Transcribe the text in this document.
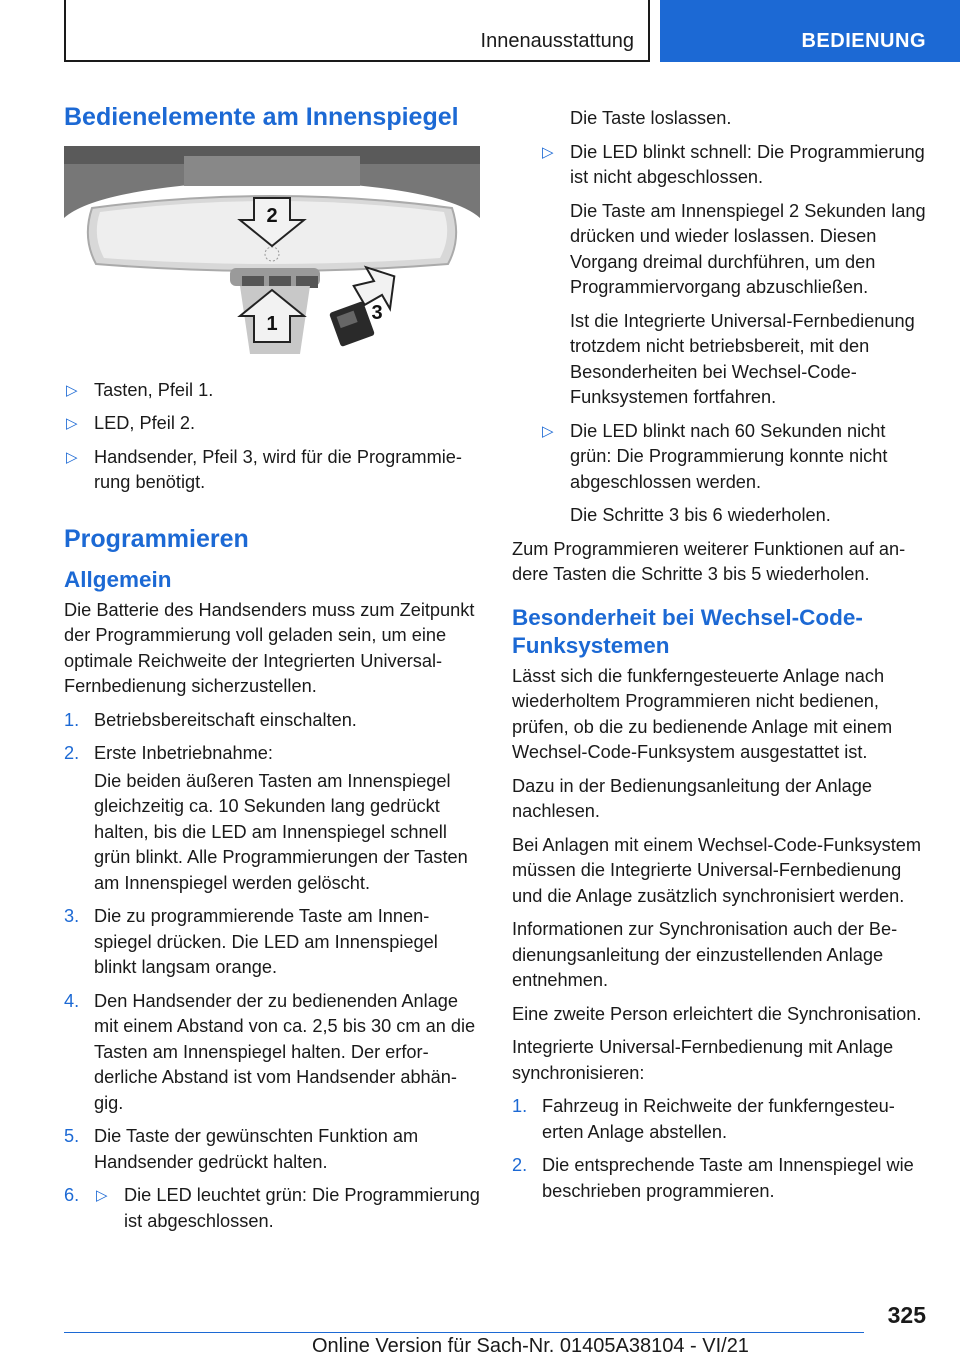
Innenausstattung	BEDIENUNG
Bedienelemente am Innenspiegel
2
1	3
▷ Tasten, Pfeil 1.
▷ LED, Pfeil 2.
▷ Handsender, Pfeil 3, wird für die Programmierung benötigt.
Programmieren
Allgemein

Die Batterie des Handsenders muss zum Zeitpunkt der Programmierung voll geladen sein, um eine optimale Reichweite der Integrierten Universal-Fernbedienung sicherzustellen.

1. Betriebsbereitschaft einschalten.
2. Erste Inbetriebnahme:
Die beiden äußeren Tasten am Innenspiegel gleichzeitig ca. 10 Sekunden lang gedrückt halten, bis die LED am Innenspiegel schnell grün blinkt. Alle Programmierungen der Tasten am Innenspiegel werden gelöscht.
3. Die zu programmierende Taste am Innenspiegel drücken. Die LED am Innenspiegel blinkt langsam orange.
4. Den Handsender der zu bedienenden Anlage mit einem Abstand von ca. 2,5 bis 30 cm an die Tasten am Innenspiegel halten. Der erforderliche Abstand ist vom Handsender abhängig.
5. Die Taste der gewünschten Funktion am Handsender gedrückt halten.
6. ▷ Die LED leuchtet grün: Die Programmierung ist abgeschlossen.
Die Taste loslassen.
▷ Die LED blinkt schnell: Die Programmierung ist nicht abgeschlossen.
Die Taste am Innenspiegel 2 Sekunden lang drücken und wieder loslassen. Diesen Vorgang dreimal durchführen, um den Programmiervorgang abzuschließen.
Ist die Integrierte Universal-Fernbedienung trotzdem nicht betriebsbereit, mit den Besonderheiten bei Wechsel-Code-Funksystemen fortfahren.
▷ Die LED blinkt nach 60 Sekunden nicht grün: Die Programmierung konnte nicht abgeschlossen werden.
Die Schritte 3 bis 6 wiederholen.

Zum Programmieren weiterer Funktionen auf andere Tasten die Schritte 3 bis 5 wiederholen.

Besonderheit bei Wechsel-Code-Funksystemen

Lässt sich die funkferngesteuerte Anlage nach wiederholtem Programmieren nicht bedienen, prüfen, ob die zu bedienende Anlage mit einem Wechsel-Code-Funksystem ausgestattet ist.

Dazu in der Bedienungsanleitung der Anlage nachlesen.

Bei Anlagen mit einem Wechsel-Code-Funksystem müssen die Integrierte Universal-Fernbedienung und die Anlage zusätzlich synchronisiert werden.

Informationen zur Synchronisation auch der Bedienungsanleitung der einzustellenden Anlage entnehmen.

Eine zweite Person erleichtert die Synchronisation.

Integrierte Universal-Fernbedienung mit Anlage synchronisieren:

1. Fahrzeug in Reichweite der funkferngesteuerten Anlage abstellen.
2. Die entsprechende Taste am Innenspiegel wie beschrieben programmieren.
325
Online Version für Sach-Nr. 01405A38104 - VI/21
